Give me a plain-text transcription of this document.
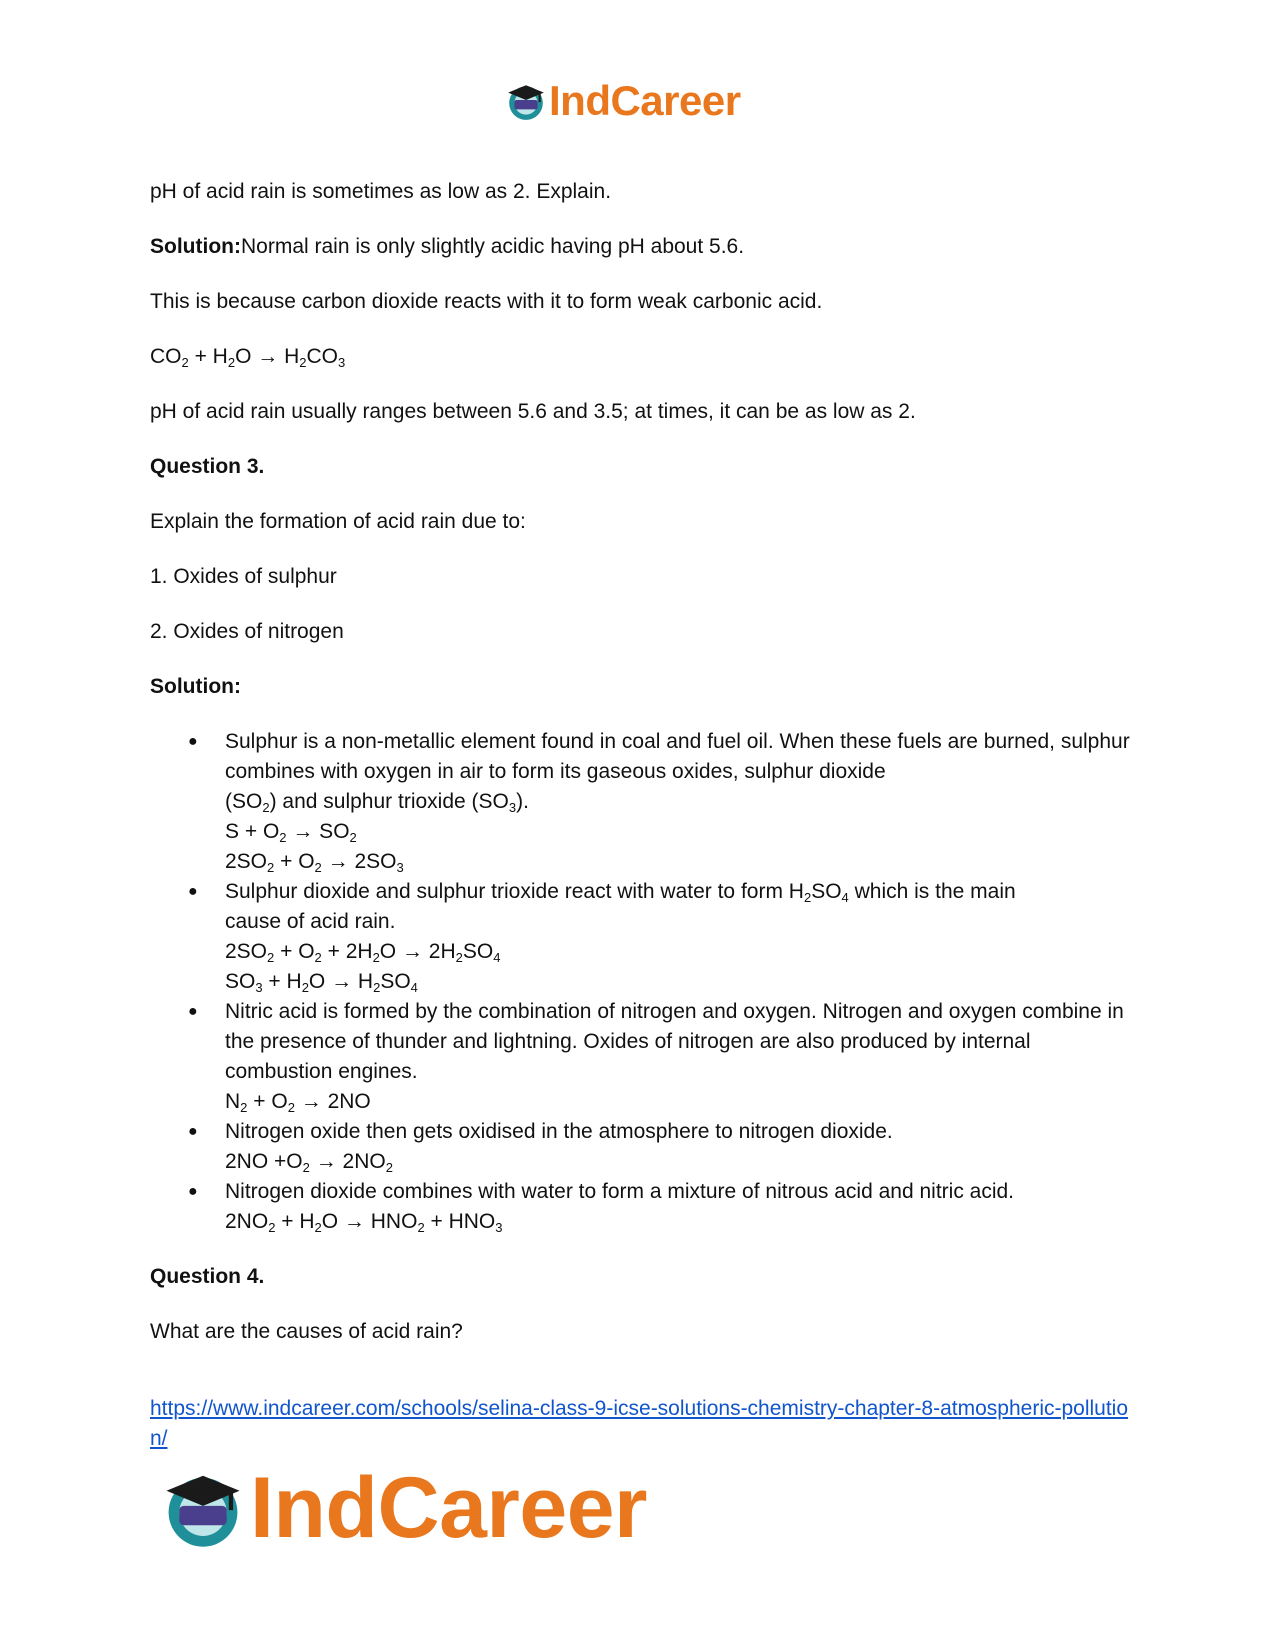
IndCareer

pH of acid rain is sometimes as low as 2. Explain.

Solution:Normal rain is only slightly acidic having pH about 5.6.

This is because carbon dioxide reacts with it to form weak carbonic acid.

$CO_2 + H_2O \to H_2CO_3$

pH of acid rain usually ranges between 5.6 and 3.5; at times, it can be as low as 2.

Question 3.

Explain the formation of acid rain due to:

1. Oxides of sulphur

2. Oxides of nitrogen

Solution:

● Sulphur is a non-metallic element found in coal and fuel oil. When these fuels are burned, sulphur combines with oxygen in air to form its gaseous oxides, sulphur dioxide
$(SO_2)$ and sulphur trioxide $(SO_3)$.
$S + O_2 \to SO_2$
$2SO_2 + O_2 \to 2SO_3$
● Sulphur dioxide and sulphur trioxide react with water to form $H_2SO_4$ which is the main
cause of acid rain.
$2SO_2 + O_2 + 2H_2O \to 2H_2SO_4$
$SO_3 + H_2O \to H_2SO_4$
● Nitric acid is formed by the combination of nitrogen and oxygen. Nitrogen and oxygen combine in the presence of thunder and lightning. Oxides of nitrogen are also produced by internal combustion engines.
$N_2 + O_2 \to 2NO$
● Nitrogen oxide then gets oxidised in the atmosphere to nitrogen dioxide.
$2NO +O_2 \to 2NO_2$
● Nitrogen dioxide combines with water to form a mixture of nitrous acid and nitric acid.
$2NO_2 + H_2O \to HNO_2 + HNO_3$

Question 4.

What are the causes of acid rain?

https://www.indcareer.com/schools/selina-class-9-icse-solutions-chemistry-chapter-8-atmospheric-pollution/
IndCareer
